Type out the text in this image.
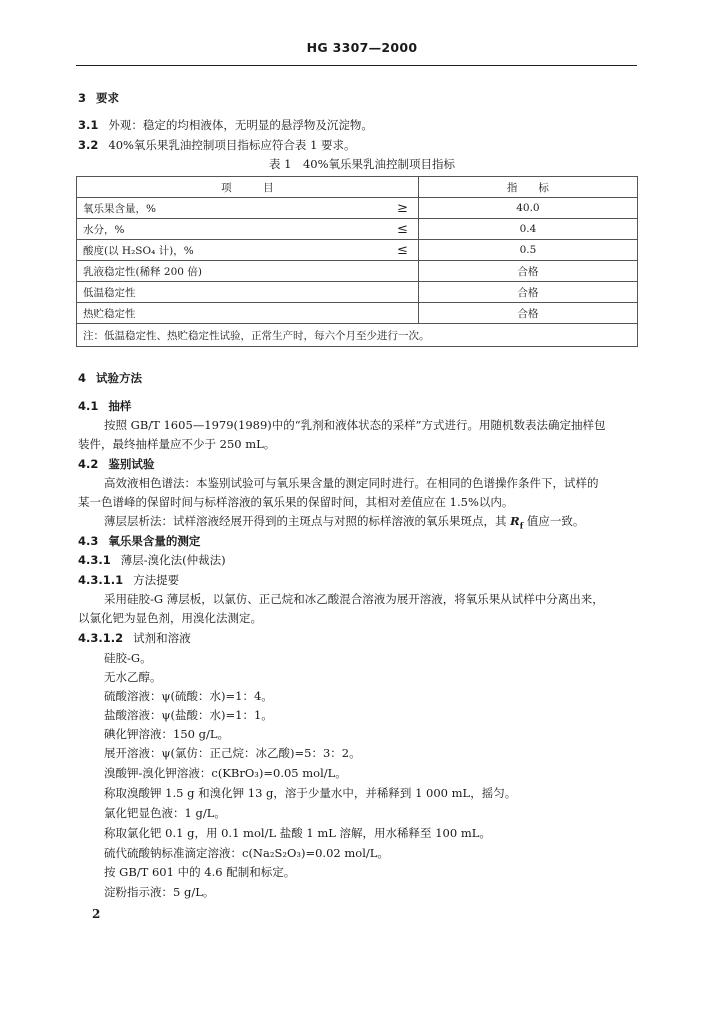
HG 3307—2000
3 要求
3.1 外观：稳定的均相液体，无明显的悬浮物及沉淀物。
3.2 40%氧乐果乳油控制项目指标应符合表 1 要求。
表 1　40%氧乐果乳油控制项目指标
项　　　目		指　　标
氧乐果含量，%	≥	40.0
水分，%	≤	0.4
酸度(以 H₂SO₄ 计)，%	≤	0.5
乳液稳定性(稀释 200 倍)		合格
低温稳定性		合格
热贮稳定性		合格
注：低温稳定性、热贮稳定性试验，正常生产时，每六个月至少进行一次。		
4 试验方法
4.1 抽样
按照 GB/T 1605—1979(1989)中的“乳剂和液体状态的采样”方式进行。用随机数表法确定抽样包
装件，最终抽样量应不少于 250 mL。
4.2 鉴别试验
高效液相色谱法：本鉴别试验可与氧乐果含量的测定同时进行。在相同的色谱操作条件下，试样的
某一色谱峰的保留时间与标样溶液的氧乐果的保留时间，其相对差值应在 1.5%以内。
薄层层析法：试样溶液经展开得到的主斑点与对照的标样溶液的氧乐果斑点，其 $R_f$ 值应一致。
4.3 氧乐果含量的测定
4.3.1 薄层-溴化法(仲裁法)
4.3.1.1 方法提要
采用硅胶-G 薄层板，以氯仿、正己烷和冰乙酸混合溶液为展开溶液，将氧乐果从试样中分离出来，
以氯化钯为显色剂，用溴化法测定。
4.3.1.2 试剂和溶液
硅胶-G。
无水乙醇。
硫酸溶液：ψ(硫酸：水)=1：4。
盐酸溶液：ψ(盐酸：水)=1：1。
碘化钾溶液：150 g/L。
展开溶液：ψ(氯仿：正己烷：冰乙酸)=5：3：2。
溴酸钾-溴化钾溶液：c(KBrO₃)=0.05 mol/L。
称取溴酸钾 1.5 g 和溴化钾 13 g，溶于少量水中，并稀释到 1 000 mL，摇匀。
氯化钯显色液：1 g/L。
称取氯化钯 0.1 g，用 0.1 mol/L 盐酸 1 mL 溶解，用水稀释至 100 mL。
硫代硫酸钠标准滴定溶液：c(Na₂S₂O₃)=0.02 mol/L。
按 GB/T 601 中的 4.6 配制和标定。
淀粉指示液：5 g/L。
2
